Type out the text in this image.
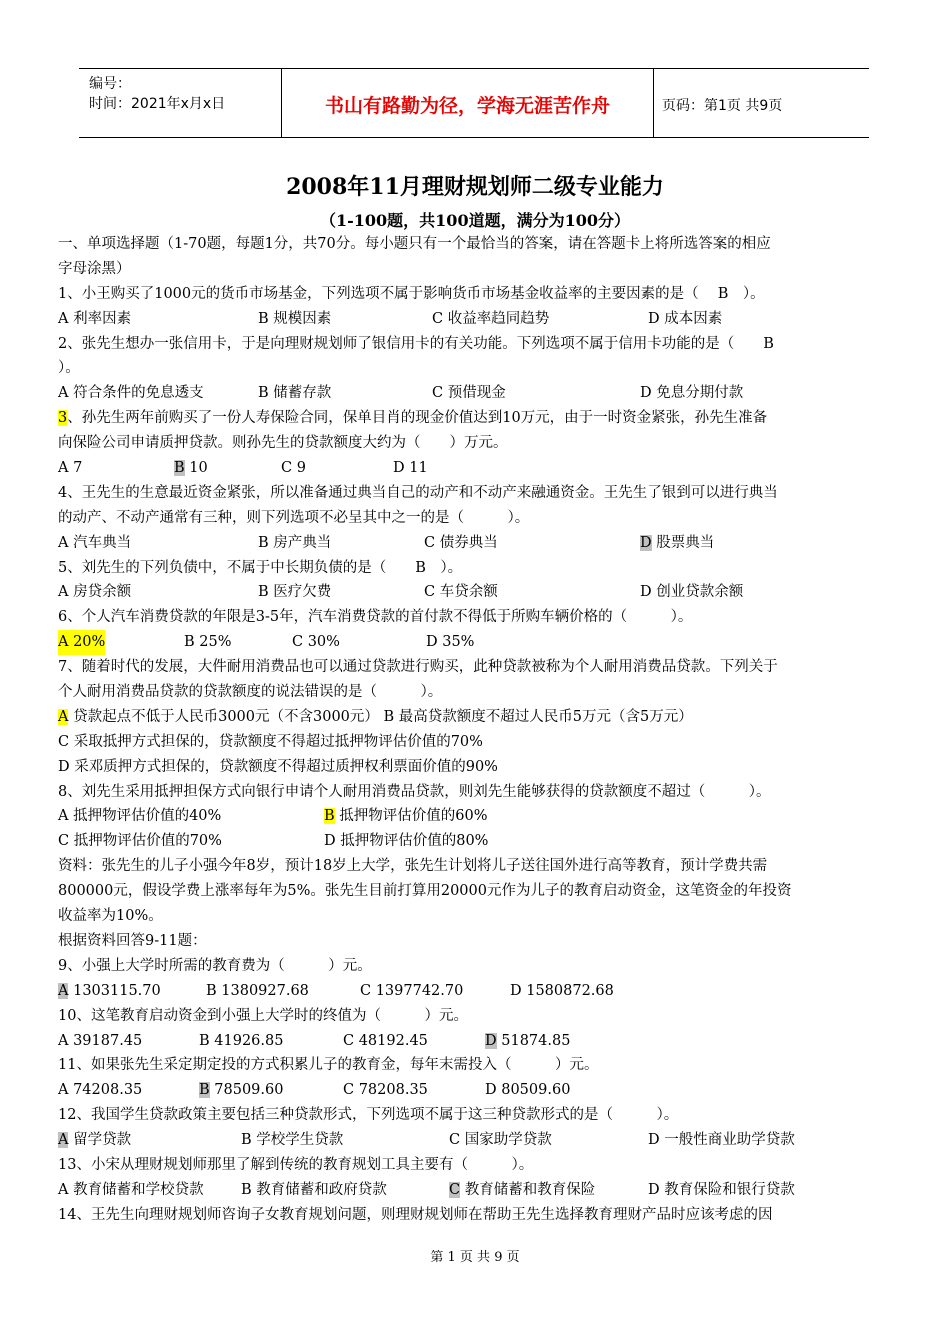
编号：
时间：2021年x月x日	书山有路勤为径，学海无涯苦作舟	页码：第1页 共9页
2008年11月理财规划师二级专业能力
（1-100题，共100道题，满分为100分）
一、单项选择题（1-70题，每题1分，共70分。每小题只有一个最恰当的答案，请在答题卡上将所选答案的相应
字母涂黑）
1、小王购买了1000元的货币市场基金，下列选项不属于影响货币市场基金收益率的主要因素的是（　 B　）。
A 利率因素	B 规模因素	C 收益率趋同趋势	D 成本因素
2、张先生想办一张信用卡，于是向理财规划师了银信用卡的有关功能。下列选项不属于信用卡功能的是（　　B
）。
A 符合条件的免息透支	B 储蓄存款	C 预借现金	D 免息分期付款
3、孙先生两年前购买了一份人寿保险合同，保单目肖的现金价值达到10万元，由于一时资金紧张，孙先生准备
向保险公司申请质押贷款。则孙先生的贷款额度大约为（　　）万元。
A 7	B 10	C 9	D 11
4、王先生的生意最近资金紧张，所以准备通过典当自己的动产和不动产来融通资金。王先生了银到可以进行典当
的动产、不动产通常有三种，则下列选项不必呈其中之一的是（　　　）。
A 汽车典当	B 房产典当	C 债券典当	D 股票典当
5、刘先生的下列负债中，不属于中长期负债的是（　　B　）。
A 房贷余额	B 医疗欠费	C 车贷余额	D 创业贷款余额
6、个人汽车消费贷款的年限是3-5年，汽车消费贷款的首付款不得低于所购车辆价格的（　　　）。
A 20%	B 25%	C 30%	D 35%
7、随着时代的发展，大件耐用消费品也可以通过贷款进行购买，此种贷款被称为个人耐用消费品贷款。下列关于
个人耐用消费品贷款的贷款额度的说法错误的是（　　　）。
A 贷款起点不低于人民币3000元（不含3000元） B 最高贷款额度不超过人民币5万元（含5万元）
C 采取抵押方式担保的，贷款额度不得超过抵押物评估价值的70%
D 采邓质押方式担保的，贷款额度不得超过质押权利票面价值的90%
8、刘先生采用抵押担保方式向银行申请个人耐用消费品贷款，则刘先生能够获得的贷款额度不超过（　　　）。
A 抵押物评估价值的40%	B 抵押物评估价值的60%
C 抵押物评估价值的70%	D 抵押物评估价值的80%
资料：张先生的儿子小强今年8岁，预计18岁上大学，张先生计划将儿子送往国外进行高等教育，预计学费共需
800000元，假设学费上涨率每年为5%。张先生目前打算用20000元作为儿子的教育启动资金，这笔资金的年投资
收益率为10%。
根据资料回答9-11题：
9、小强上大学时所需的教育费为（　　　）元。
A 1303115.70	B 1380927.68	C 1397742.70	D 1580872.68
10、这笔教育启动资金到小强上大学时的终值为（　　　）元。
A 39187.45	B 41926.85	C 48192.45	D 51874.85
11、如果张先生采定期定投的方式积累儿子的教育金，每年末需投入（　　　）元。
A 74208.35	B 78509.60	C 78208.35	D 80509.60
12、我国学生贷款政策主要包括三种贷款形式，下列选项不属于这三种贷款形式的是（　　　）。
A 留学贷款	B 学校学生贷款	C 国家助学贷款	D 一般性商业助学贷款
13、小宋从理财规划师那里了解到传统的教育规划工具主要有（　　　）。
A 教育储蓄和学校贷款	B 教育储蓄和政府贷款	C 教育储蓄和教育保险	D 教育保险和银行贷款
14、王先生向理财规划师咨询子女教育规划问题，则理财规划师在帮助王先生选择教育理财产品时应该考虑的因
第 1 页 共 9 页
